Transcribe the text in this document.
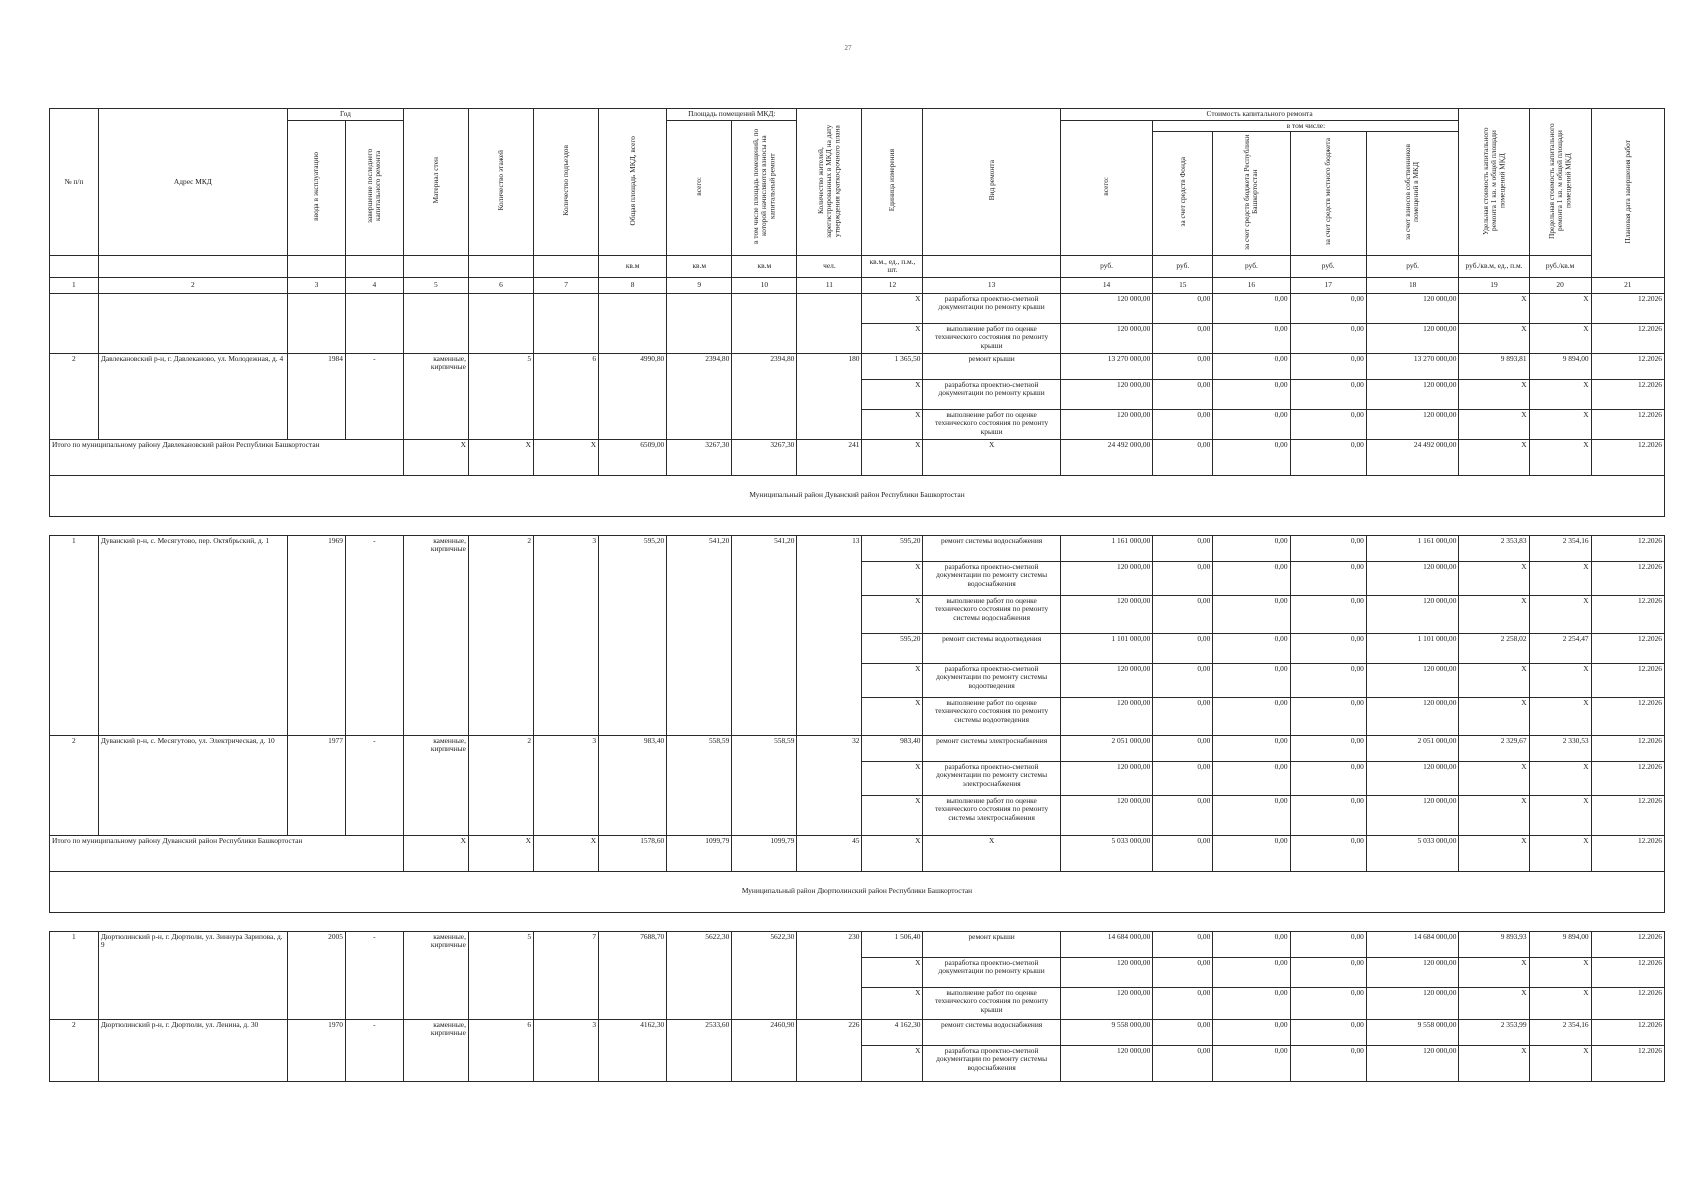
27
№ п/п	Адрес МКД	Год		Материал стен	Количество этажей	Количество подъездов	Общая площадь МКД, всего	Площадь помещений МКД:		Количество жителей, зарегистрированных в МКД на дату утверждения краткосрочного плана	Единица измерения	Вид ремонта	Стоимость капитального ремонта					Удельная стоимость капитального ремонта 1 кв. м общей площади помещений МКД	Предельная стоимость капитального ремонта 1 кв. м общей площади помещений МКД	Плановая дата завершения работ
		ввода в эксплуатацию	завершение последнего капитального ремонта					всего:	в том числе площадь помещений, по которой начисляются взносы на капитальный ремонт				всего:	в том числе:						
														за счет средств Фонда	за счет средств бюджета Республики Башкортостан	за счет средств местного бюджета	за счет взносов собственников помещений в МКД			
							кв.м	кв.м	кв.м	чел.	кв.м., ед., п.м., шт.		руб.	руб.	руб.	руб.	руб.	руб./кв.м, ед., п.м.	руб./кв.м	
1	2	3	4	5	6	7	8	9	10	11	12	13	14	15	16	17	18	19	20	21
											X	разработка проектно-сметной документации по ремонту крыши	120 000,00	0,00	0,00	0,00	120 000,00	X	X	12.2026
											X	выполнение работ по оценке технического состояния по ремонту крыши	120 000,00	0,00	0,00	0,00	120 000,00	X	X	12.2026
2	Давлекановский р-н, г. Давлеканово, ул. Молодежная, д. 4	1984	-	каменные, кирпичные	5	6	4990,80	2394,80	2394,80	180	1 365,50	ремонт крыши	13 270 000,00	0,00	0,00	0,00	13 270 000,00	9 893,81	9 894,00	12.2026
											X	разработка проектно-сметной документации по ремонту крыши	120 000,00	0,00	0,00	0,00	120 000,00	X	X	12.2026
											X	выполнение работ по оценке технического состояния по ремонту крыши	120 000,00	0,00	0,00	0,00	120 000,00	X	X	12.2026
Итого по муниципальному району Давлекановский район Республики Башкортостан				X	X	X	6509,00	3267,30	3267,30	241	X	X	24 492 000,00	0,00	0,00	0,00	24 492 000,00	X	X	12.2026
Муниципальный район Дуванский район Республики Башкортостан																				

1	Дуванский р-н, с. Месягутово, пер. Октябрьский, д. 1	1969	-	каменные, кирпичные	2	3	595,20	541,20	541,20	13	595,20	ремонт системы водоснабжения	1 161 000,00	0,00	0,00	0,00	1 161 000,00	2 353,83	2 354,16	12.2026
											X	разработка проектно-сметной документации по ремонту системы водоснабжения	120 000,00	0,00	0,00	0,00	120 000,00	X	X	12.2026
											X	выполнение работ по оценке технического состояния по ремонту системы водоснабжения	120 000,00	0,00	0,00	0,00	120 000,00	X	X	12.2026
											595,20	ремонт системы водоотведения	1 101 000,00	0,00	0,00	0,00	1 101 000,00	2 258,02	2 254,47	12.2026
											X	разработка проектно-сметной документации по ремонту системы водоотведения	120 000,00	0,00	0,00	0,00	120 000,00	X	X	12.2026
											X	выполнение работ по оценке технического состояния по ремонту системы водоотведения	120 000,00	0,00	0,00	0,00	120 000,00	X	X	12.2026
2	Дуванский р-н, с. Месягутово, ул. Электрическая, д. 10	1977	-	каменные, кирпичные	2	3	983,40	558,59	558,59	32	983,40	ремонт системы электроснабжения	2 051 000,00	0,00	0,00	0,00	2 051 000,00	2 329,67	2 330,53	12.2026
											X	разработка проектно-сметной документации по ремонту системы электроснабжения	120 000,00	0,00	0,00	0,00	120 000,00	X	X	12.2026
											X	выполнение работ по оценке технического состояния по ремонту системы электроснабжения	120 000,00	0,00	0,00	0,00	120 000,00	X	X	12.2026
Итого по муниципальному району Дуванский район Республики Башкортостан				X	X	X	1578,60	1099,79	1099,79	45	X	X	5 033 000,00	0,00	0,00	0,00	5 033 000,00	X	X	12.2026
Муниципальный район Дюртюлинский район Республики Башкортостан																				

1	Дюртюлинский р-н, г. Дюртюли, ул. Зиннура Зарипова, д. 9	2005	-	каменные, кирпичные	5	7	7688,70	5622,30	5622,30	230	1 506,40	ремонт крыши	14 684 000,00	0,00	0,00	0,00	14 684 000,00	9 893,93	9 894,00	12.2026
											X	разработка проектно-сметной документации по ремонту крыши	120 000,00	0,00	0,00	0,00	120 000,00	X	X	12.2026
											X	выполнение работ по оценке технического состояния по ремонту крыши	120 000,00	0,00	0,00	0,00	120 000,00	X	X	12.2026
2	Дюртюлинский р-н, г. Дюртюли, ул. Ленина, д. 30	1970	-	каменные, кирпичные	6	3	4162,30	2533,60	2460,90	226	4 162,30	ремонт системы водоснабжения	9 558 000,00	0,00	0,00	0,00	9 558 000,00	2 353,99	2 354,16	12.2026
											X	разработка проектно-сметной документации по ремонту системы водоснабжения	120 000,00	0,00	0,00	0,00	120 000,00	X	X	12.2026
